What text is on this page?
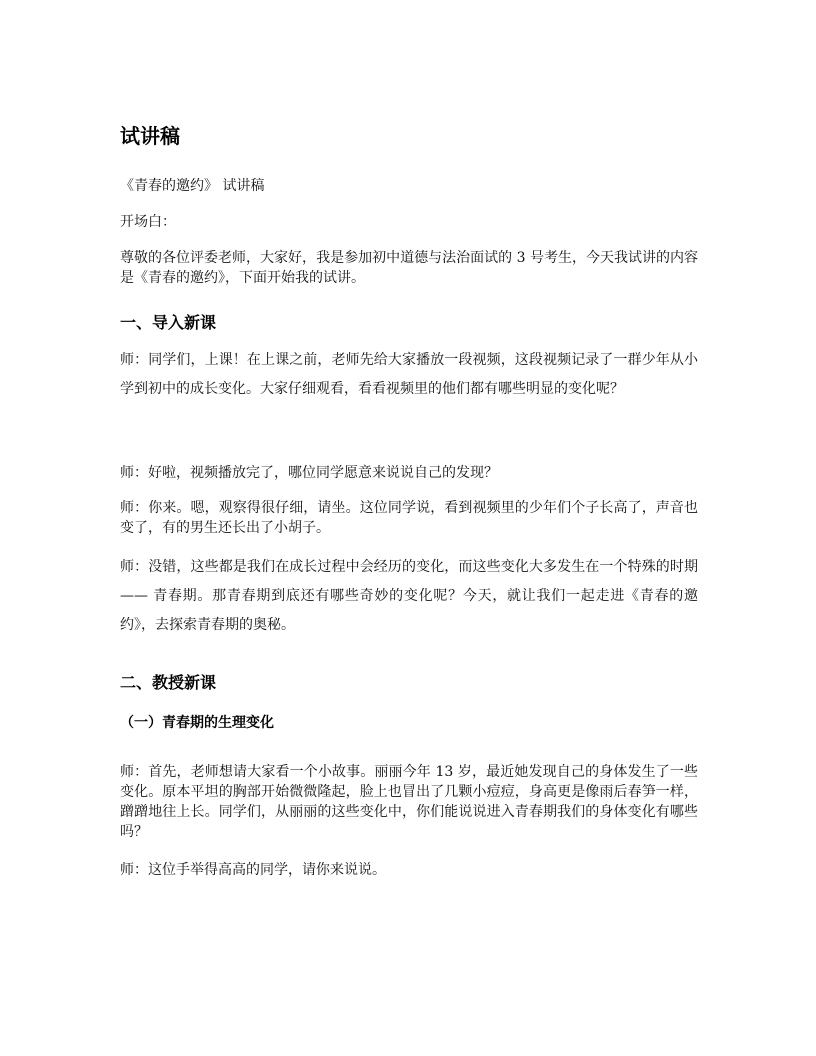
试讲稿

《青春的邀约》 试讲稿

开场白：

尊敬的各位评委老师，大家好，我是参加初中道德与法治面试的 3 号考生，今天我试讲的内容是《青春的邀约》，下面开始我的试讲。

一、导入新课

师：同学们，上课！在上课之前，老师先给大家播放一段视频，这段视频记录了一群少年从小学到初中的成长变化。大家仔细观看，看看视频里的他们都有哪些明显的变化呢？

师：好啦，视频播放完了，哪位同学愿意来说说自己的发现？

师：你来。嗯，观察得很仔细，请坐。这位同学说，看到视频里的少年们个子长高了，声音也变了，有的男生还长出了小胡子。

师：没错，这些都是我们在成长过程中会经历的变化，而这些变化大多发生在一个特殊的时期 —— 青春期。那青春期到底还有哪些奇妙的变化呢？今天，就让我们一起走进《青春的邀约》，去探索青春期的奥秘。

二、教授新课
（一）青春期的生理变化

师：首先，老师想请大家看一个小故事。丽丽今年 13 岁，最近她发现自己的身体发生了一些变化。原本平坦的胸部开始微微隆起，脸上也冒出了几颗小痘痘，身高更是像雨后春笋一样，蹭蹭地往上长。同学们，从丽丽的这些变化中，你们能说说进入青春期我们的身体变化有哪些吗？

师：这位手举得高高的同学，请你来说说。
